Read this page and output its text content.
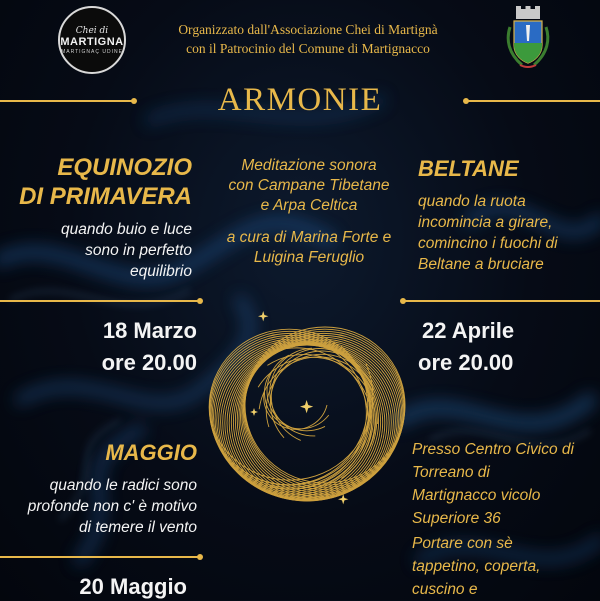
Chei di
MARTIGNA
MARTIGNAÇ UDINE
Organizzato dall'Associazione Chei di Martignà
con il Patrocinio del Comune di Martignacco
ARMONIE
EQUINOZIO
DI PRIMAVERA
quando buio e luce
sono in perfetto
equilibrio
18 Marzo
ore 20.00
MAGGIO
quando le radici sono
profonde non c' è motivo
di temere il vento
20 Maggio
Meditazione sonora
con Campane Tibetane
e Arpa Celtica
a cura di Marina Forte e
Luigina Feruglio
BELTANE
quando la ruota
incomincia a girare,
comincino i fuochi di
Beltane a bruciare
22 Aprile
ore 20.00
Presso Centro Civico di
Torreano di
Martignacco vicolo
Superiore 36
Portare con sè
tappetino, coperta,
cuscino e
